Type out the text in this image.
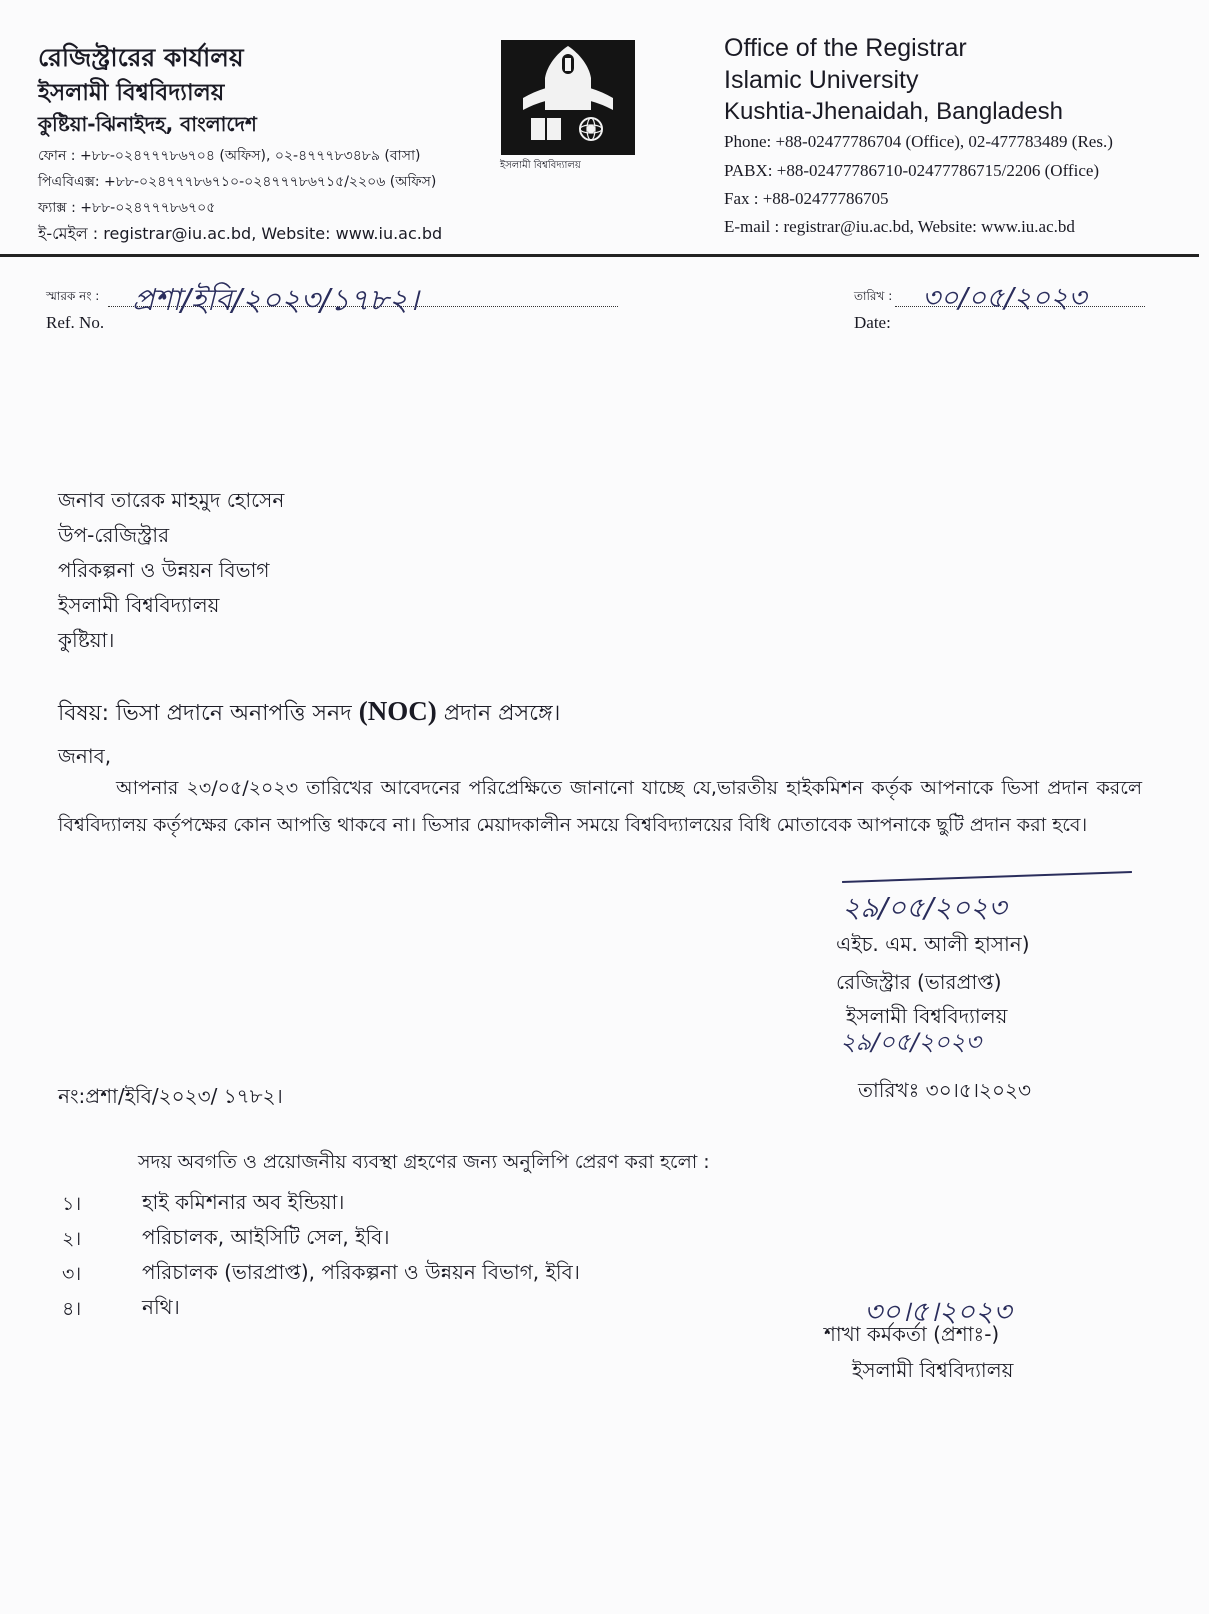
রেজিস্ট্রারের কার্যালয়
ইসলামী বিশ্ববিদ্যালয়
কুষ্টিয়া-ঝিনাইদহ, বাংলাদেশ
ফোন : +৮৮-০২৪৭৭৭৮৬৭০৪ (অফিস), ০২-৪৭৭৭৮৩৪৮৯ (বাসা)
পিএবিএক্স: +৮৮-০২৪৭৭৭৮৬৭১০-০২৪৭৭৭৮৬৭১৫/২২০৬ (অফিস)
ফ্যাক্স : +৮৮-০২৪৭৭৭৮৬৭০৫
ই-মেইল : registrar@iu.ac.bd, Website: www.iu.ac.bd
ইসলামী বিশ্ববিদ্যালয়
Office of the Registrar
Islamic University
Kushtia-Jhenaidah, Bangladesh
Phone: +88-02477786704 (Office), 02-477783489 (Res.)
PABX: +88-02477786710-02477786715/2206 (Office)
Fax : +88-02477786705
E-mail : registrar@iu.ac.bd, Website: www.iu.ac.bd
স্মারক নং : প্রশা/ইবি/২০২৩/১৭৮২।
Ref. No.
তারিখ : ৩০/০৫/২০২৩
Date:
জনাব তারেক মাহমুদ হোসেন
উপ-রেজিস্ট্রার
পরিকল্পনা ও উন্নয়ন বিভাগ
ইসলামী বিশ্ববিদ্যালয়
কুষ্টিয়া।
বিষয়: ভিসা প্রদানে অনাপত্তি সনদ (NOC) প্রদান প্রসঙ্গে।
জনাব,
আপনার ২৩/০৫/২০২৩ তারিখের আবেদনের পরিপ্রেক্ষিতে জানানো যাচ্ছে যে,ভারতীয় হাইকমিশন কর্তৃক আপনাকে ভিসা প্রদান করলে বিশ্ববিদ্যালয় কর্তৃপক্ষের কোন আপত্তি থাকবে না। ভিসার মেয়াদকালীন সময়ে বিশ্ববিদ্যালয়ের বিধি মোতাবেক আপনাকে ছুটি প্রদান করা হবে।
২৯/০৫/২০২৩
এইচ. এম. আলী হাসান)
রেজিস্ট্রার (ভারপ্রাপ্ত)
ইসলামী বিশ্ববিদ্যালয়
২৯/০৫/২০২৩
তারিখঃ ৩০।৫।২০২৩
নং:প্রশা/ইবি/২০২৩/ ১৭৮২।
সদয় অবগতি ও প্রয়োজনীয় ব্যবস্থা গ্রহণের জন্য অনুলিপি প্রেরণ করা হলো :
১।	হাই কমিশনার অব ইন্ডিয়া।
২।	পরিচালক, আইসিটি সেল, ইবি।
৩।	পরিচালক (ভারপ্রাপ্ত), পরিকল্পনা ও উন্নয়ন বিভাগ, ইবি।
৪।	নথি।	৩০।৫।২০২৩
শাখা কর্মকর্তা (প্রশাঃ-)
ইসলামী বিশ্ববিদ্যালয়
